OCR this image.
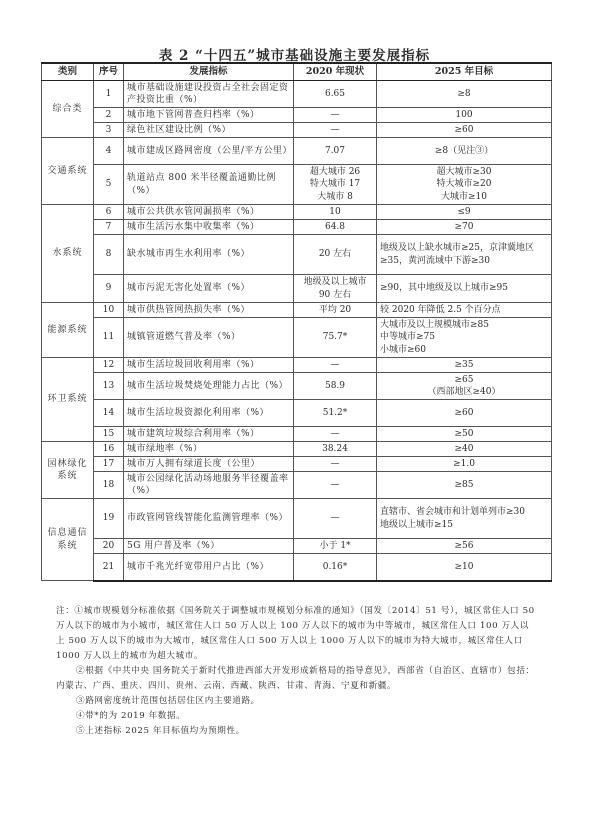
表 2 “十四五”城市基础设施主要发展指标
类别	序号	发展指标	2020 年现状	2025 年目标
综合类	1	城市基础设施建设投资占全社会固定资产投资比重（%）	6.65	≥8
	2	城市地下管网普查归档率（%）	—	100
	3	绿色社区建设比例（%）	—	≥60
交通系统	4	城市建成区路网密度（公里/平方公里）	7.07	≥8（见注③）
	5	轨道站点 800 米半径覆盖通勤比例（%）	超大城市 26
特大城市 17
大城市 8	超大城市≥30
特大城市≥20
大城市≥10
水系统	6	城市公共供水管网漏损率（%）	10	≤9
	7	城市生活污水集中收集率（%）	64.8	≥70
	8	缺水城市再生水利用率（%）	20 左右	地级及以上缺水城市≥25，京津冀地区≥35，黄河流域中下游≥30
	9	城市污泥无害化处置率（%）	地级及以上城市 90 左右	≥90，其中地级及以上城市≥95
能源系统	10	城市供热管网热损失率（%）	平均 20	较 2020 年降低 2.5 个百分点
	11	城镇管道燃气普及率（%）	75.7*	大城市及以上规模城市≥85
中等城市≥75
小城市≥60
环卫系统	12	城市生活垃圾回收利用率（%）	—	≥35
	13	城市生活垃圾焚烧处理能力占比（%）	58.9	≥65
（西部地区≥40）
	14	城市生活垃圾资源化利用率（%）	51.2*	≥60
	15	城市建筑垃圾综合利用率（%）	—	≥50
园林绿化系统	16	城市绿地率（%）	38.24	≥40
	17	城市万人拥有绿道长度（公里）	—	≥1.0
	18	城市公园绿化活动场地服务半径覆盖率（%）	—	≥85
信息通信系统	19	市政管网管线智能化监测管理率（%）	—	直辖市、省会城市和计划单列市≥30
地级以上城市≥15
	20	5G 用户普及率（%）	小于 1*	≥56
	21	城市千兆光纤宽带用户占比（%）	0.16*	≥10

注：①城市规模划分标准依据《国务院关于调整城市规模划分标准的通知》（国发〔2014〕51 号），城区常住人口 50 万人以下的城市为小城市，城区常住人口 50 万人以上 100 万人以下的城市为中等城市，城区常住人口 100 万人以上 500 万人以下的城市为大城市，城区常住人口 500 万人以上 1000 万人以下的城市为特大城市，城区常住人口 1000 万人以上的城市为超大城市。

②根据《中共中央 国务院关于新时代推进西部大开发形成新格局的指导意见》，西部省（自治区、直辖市）包括：内蒙古、广西、重庆、四川、贵州、云南、西藏、陕西、甘肃、青海、宁夏和新疆。

③路网密度统计范围包括居住区内主要道路。

④带*的为 2019 年数据。

⑤上述指标 2025 年目标值均为预期性。
